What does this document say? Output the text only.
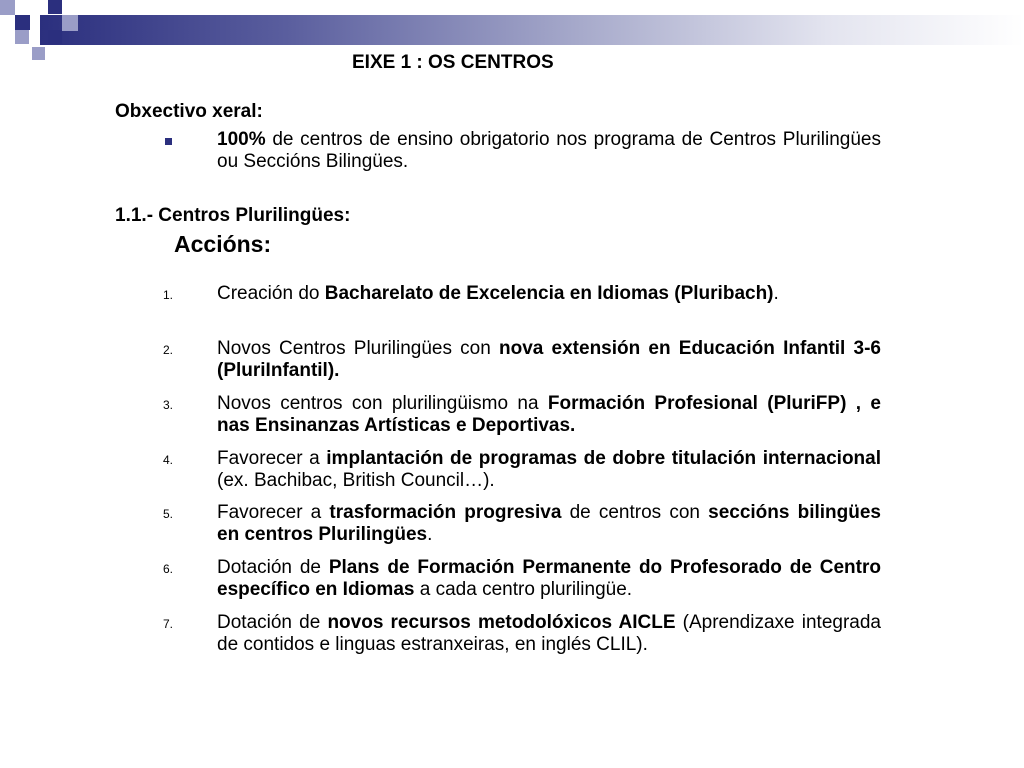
EIXE 1 : OS CENTROS
Obxectivo xeral:
100% de centros de ensino obrigatorio nos programa de Centros Plurilingües ou Seccións Bilingües.
1.1.- Centros Plurilingües:
Accións:
1. Creación do Bacharelato de Excelencia en Idiomas (Pluribach).
2. Novos Centros Plurilingües con nova extensión en Educación Infantil 3-6 (PluriInfantil).
3. Novos centros con plurilingüismo na Formación Profesional (PluriFP) , e nas Ensinanzas Artísticas e Deportivas.
4. Favorecer a implantación de programas de dobre titulación internacional (ex. Bachibac, British Council…).
5. Favorecer a trasformación progresiva de centros con seccións bilingües en centros Plurilingües.
6. Dotación de Plans de Formación Permanente do Profesorado de Centro específico en Idiomas a cada centro plurilingüe.
7. Dotación de novos recursos metodolóxicos AICLE (Aprendizaxe integrada de contidos e linguas estranxeiras, en inglés CLIL).
